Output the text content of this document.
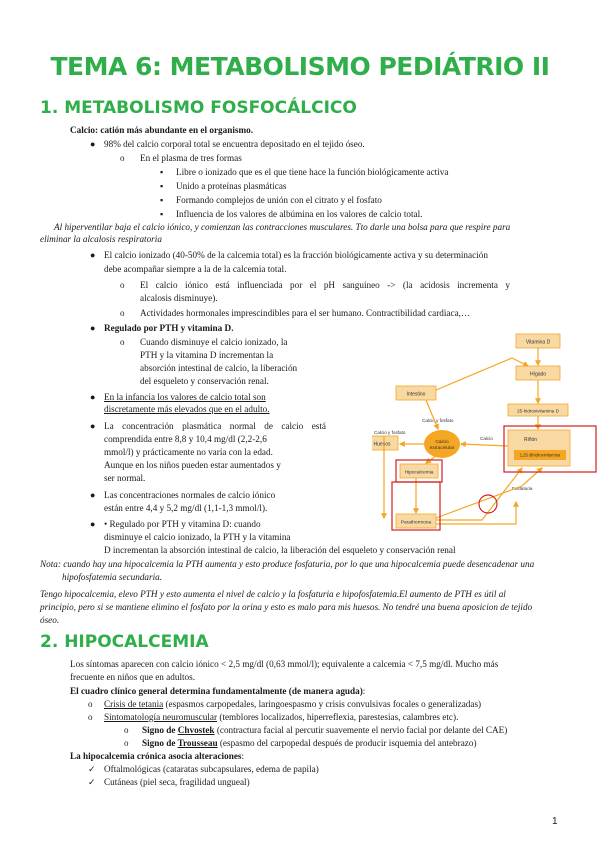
TEMA 6: METABOLISMO PEDIÁTRIO II
1. METABOLISMO FOSFOCÁLCICO
Calcio: catión más abundante en el organismo.
● 98% del calcio corporal total se encuentra depositado en el tejido óseo.
o En el plasma de tres formas
▪ Libre o ionizado que es el que tiene hace la función biológicamente activa
▪ Unido a proteínas plasmáticas
▪ Formando complejos de unión con el citrato y el fosfato
▪ Influencia de los valores de albúmina en los valores de calcio total.
Al hiperventilar baja el calcio iónico, y comienzan las contracciones musculares. Tto darle una bolsa para que respire para
eliminar la alcalosis respiratoria
● El calcio ionizado (40-50% de la calcemia total) es la fracción biológicamente activa y su determinación
debe acompañar siempre a la de la calcemia total.
o El calcio iónico está influenciada por el pH sanguíneo -> (la acidosis incrementa y
alcalosis disminuye).
o Actividades hormonales imprescindibles para el ser humano. Contractibilidad cardiaca,…
● Regulado por PTH y vitamina D.
o Cuando disminuye el calcio ionizado, la
PTH y la vitamina D incrementan la
absorción intestinal de calcio, la liberación
del esqueleto y conservación renal.
● En la infancia los valores de calcio total son
discretamente más elevados que en el adulto.
● La concentración plasmática normal de calcio está
comprendida entre 8,8 y 10,4 mg/dl (2,2-2,6
mmol/l) y prácticamente no varía con la edad.
Aunque en los niños pueden estar aumentados y
ser normal.
● Las concentraciones normales de calcio iónico
están entre 4,4 y 5,2 mg/dl (1,1-1,3 mmol/l).
● • Regulado por PTH y vitamina D: cuando
disminuye el calcio ionizado, la PTH y la vitamina
D incrementan la absorción intestinal de calcio, la liberación del esqueleto y conservación renal
Nota: cuando hay una hipocalcemia la PTH aumenta y esto produce fosfaturia, por lo que una hipocalcemia puede desencadenar una
hipofosfatemia secundaria.
Tengo hipocalcemia, elevo PTH y esto aumenta el nivel de calcio y la fosfaturia e hipofosfatemia.El aumento de PTH es útil al
principio, pero si se mantiene elimino el fosfato por la orina y esto es malo para mis huesos. No tendré una buena aposicion de tejido
óseo.
Vitamina D
Hígado
25-hidroxivitamina D
Riñón
1,25 dihidroxivitamina
Intestino
Calcio
extracelular
Huesos
Hipocalcemia
Parathormona
Calcio y fosfato
Calcio y fosfato
Calcio
Fosfaturia
2. HIPOCALCEMIA
Los síntomas aparecen con calcio iónico < 2,5 mg/dl (0,63 mmol/l); equivalente a calcemia < 7,5 mg/dl. Mucho más
frecuente en niños que en adultos.
El cuadro clínico general determina fundamentalmente (de manera aguda):
o Crisis de tetania (espasmos carpopedales, laringoespasmo y crisis convulsivas focales o generalizadas)
o Sintomatología neuromuscular (temblores localizados, hiperreflexia, parestesias, calambres etc).
o Signo de Chvostek (contractura facial al percutir suavemente el nervio facial por delante del CAE)
o Signo de Trousseau (espasmo del carpopedal después de producir isquemia del antebrazo)
La hipocalcemia crónica asocia alteraciones:
✓ Oftalmológicas (cataratas subcapsulares, edema de papila)
✓ Cutáneas (piel seca, fragilidad ungueal)
1
